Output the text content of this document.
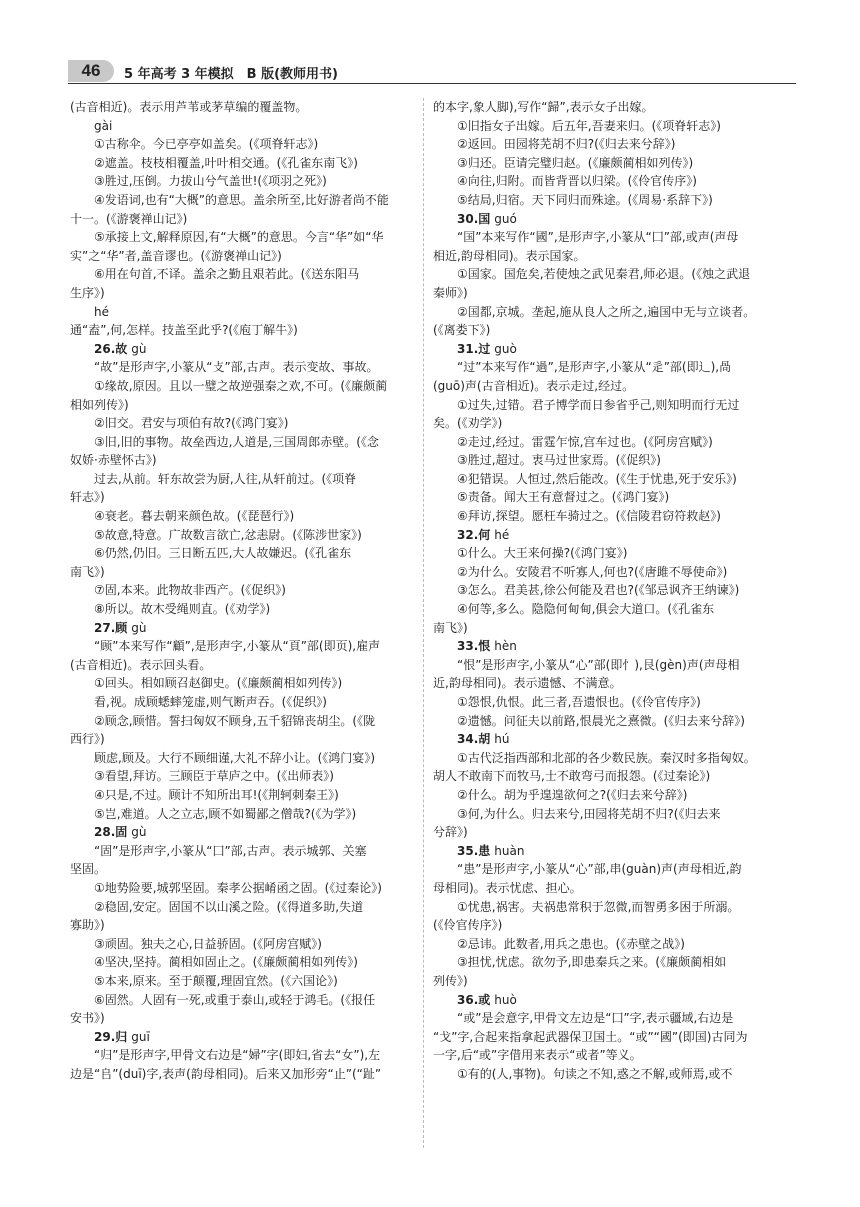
46	5 年高考 3 年模拟　B 版(教师用书)
(古音相近)。表示用芦苇或茅草编的覆盖物。
gài
①古称伞。今已亭亭如盖矣。(《项脊轩志》)
②遮盖。枝枝相覆盖,叶叶相交通。(《孔雀东南飞》)
③胜过,压倒。力拔山兮气盖世!(《项羽之死》)
④发语词,也有“大概”的意思。盖余所至,比好游者尚不能
十一。(《游褒禅山记》)
⑤承接上文,解释原因,有“大概”的意思。今言“华”如“华
实”之“华”者,盖音谬也。(《游褒禅山记》)
⑥用在句首,不译。盖余之勤且艰若此。(《送东阳马
生序》)
hé
通“盍”,何,怎样。技盖至此乎?(《庖丁解牛》)
26.故 gù
“故”是形声字,小篆从“攴”部,古声。表示变故、事故。
①缘故,原因。且以一璧之故逆强秦之欢,不可。(《廉颇蔺
相如列传》)
②旧交。君安与项伯有故?(《鸿门宴》)
③旧,旧的事物。故垒西边,人道是,三国周郎赤壁。(《念
奴娇·赤壁怀古》)
过去,从前。轩东故尝为厨,人往,从轩前过。(《项脊
轩志》)
④衰老。暮去朝来颜色故。(《琵琶行》)
⑤故意,特意。广故数言欲亡,忿恚尉。(《陈涉世家》)
⑥仍然,仍旧。三日断五匹,大人故嫌迟。(《孔雀东
南飞》)
⑦固,本来。此物故非西产。(《促织》)
⑧所以。故木受绳则直。(《劝学》)
27.顾 gù
“顾”本来写作“顧”,是形声字,小篆从“頁”部(即页),雇声
(古音相近)。表示回头看。
①回头。相如顾召赵御史。(《廉颇蔺相如列传》)
看,视。成顾蟋蟀笼虚,则气断声吞。(《促织》)
②顾念,顾惜。誓扫匈奴不顾身,五千貂锦丧胡尘。(《陇
西行》)
顾虑,顾及。大行不顾细谨,大礼不辞小让。(《鸿门宴》)
③看望,拜访。三顾臣于草庐之中。(《出师表》)
④只是,不过。顾计不知所出耳!(《荆轲刺秦王》)
⑤岂,难道。人之立志,顾不如蜀鄙之僧哉?(《为学》)
28.固 gù
“固”是形声字,小篆从“囗”部,古声。表示城郭、关塞
坚固。
①地势险要,城郭坚固。秦孝公据崤函之固。(《过秦论》)
②稳固,安定。固国不以山溪之险。(《得道多助,失道
寡助》)
③顽固。独夫之心,日益骄固。(《阿房宫赋》)
④坚决,坚持。蔺相如固止之。(《廉颇蔺相如列传》)
⑤本来,原来。至于颠覆,理固宜然。(《六国论》)
⑥固然。人固有一死,或重于泰山,或轻于鸿毛。(《报任
安书》)
29.归 guī
“归”是形声字,甲骨文右边是“婦”字(即妇,省去“女”),左
边是“𠂤”(duī)字,表声(韵母相同)。后来又加形旁“止”(“趾”
的本字,象人脚),写作“歸”,表示女子出嫁。
①旧指女子出嫁。后五年,吾妻来归。(《项脊轩志》)
②返回。田园将芜胡不归?(《归去来兮辞》)
③归还。臣请完璧归赵。(《廉颇蔺相如列传》)
④向往,归附。而皆背晋以归梁。(《伶官传序》)
⑤结局,归宿。天下同归而殊途。(《周易·系辞下》)
30.国 guó
“国”本来写作“國”,是形声字,小篆从“囗”部,或声(声母
相近,韵母相同)。表示国家。
①国家。国危矣,若使烛之武见秦君,师必退。(《烛之武退
秦师》)
②国都,京城。垄起,施从良人之所之,遍国中无与立谈者。
(《离娄下》)
31.过 guò
“过”本来写作“過”,是形声字,小篆从“辵”部(即辶),咼
(guō)声(古音相近)。表示走过,经过。
①过失,过错。君子博学而日参省乎己,则知明而行无过
矣。(《劝学》)
②走过,经过。雷霆乍惊,宫车过也。(《阿房宫赋》)
③胜过,超过。衷马过世家焉。(《促织》)
④犯错误。人恒过,然后能改。(《生于忧患,死于安乐》)
⑤责备。闻大王有意督过之。(《鸿门宴》)
⑥拜访,探望。愿枉车骑过之。(《信陵君窃符救赵》)
32.何 hé
①什么。大王来何操?(《鸿门宴》)
②为什么。安陵君不听寡人,何也?(《唐雎不辱使命》)
③怎么。君美甚,徐公何能及君也?(《邹忌讽齐王纳谏》)
④何等,多么。隐隐何甸甸,俱会大道口。(《孔雀东
南飞》)
33.恨 hèn
“恨”是形声字,小篆从“心”部(即忄),艮(gèn)声(声母相
近,韵母相同)。表示遗憾、不满意。
①怨恨,仇恨。此三者,吾遗恨也。(《伶官传序》)
②遗憾。问征夫以前路,恨晨光之熹微。(《归去来兮辞》)
34.胡 hú
①古代泛指西部和北部的各少数民族。秦汉时多指匈奴。
胡人不敢南下而牧马,士不敢弯弓而报怨。(《过秦论》)
②什么。胡为乎遑遑欲何之?(《归去来兮辞》)
③何,为什么。归去来兮,田园将芜胡不归?(《归去来
兮辞》)
35.患 huàn
“患”是形声字,小篆从“心”部,串(guàn)声(声母相近,韵
母相同)。表示忧虑、担心。
①忧患,祸害。夫祸患常积于忽微,而智勇多困于所溺。
(《伶官传序》)
②忌讳。此数者,用兵之患也。(《赤壁之战》)
③担忧,忧虑。欲勿予,即患秦兵之来。(《廉颇蔺相如
列传》)
36.或 huò
“或”是会意字,甲骨文左边是“囗”字,表示疆域,右边是
“戈”字,合起来指拿起武器保卫国土。“或”“國”(即国)古同为
一字,后“或”字借用来表示“或者”等义。
①有的(人,事物)。句读之不知,惑之不解,或师焉,或不
